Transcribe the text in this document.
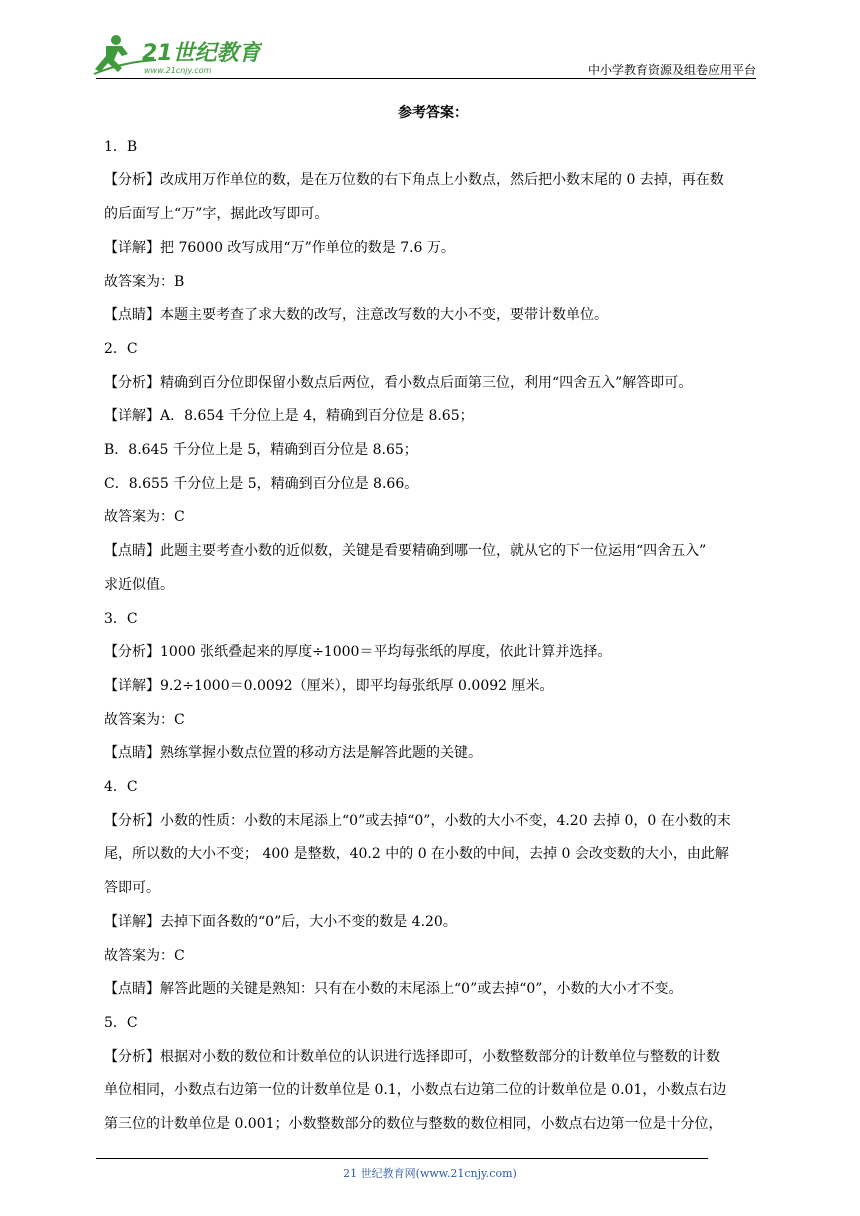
21世纪教育
www.21cnjy.com	中小学教育资源及组卷应用平台
参考答案：
1．B
【分析】改成用万作单位的数，是在万位数的右下角点上小数点，然后把小数末尾的 0 去掉，再在数
的后面写上“万”字，据此改写即可。
【详解】把 76000 改写成用“万”作单位的数是 7.6 万。
故答案为：B
【点睛】本题主要考查了求大数的改写，注意改写数的大小不变，要带计数单位。
2．C
【分析】精确到百分位即保留小数点后两位，看小数点后面第三位，利用“四舍五入”解答即可。
【详解】A．8.654 千分位上是 4，精确到百分位是 8.65；
B．8.645 千分位上是 5，精确到百分位是 8.65；
C．8.655 千分位上是 5，精确到百分位是 8.66。
故答案为：C
【点睛】此题主要考查小数的近似数，关键是看要精确到哪一位，就从它的下一位运用“四舍五入”
求近似值。
3．C
【分析】1000 张纸叠起来的厚度÷1000＝平均每张纸的厚度，依此计算并选择。
【详解】9.2÷1000＝0.0092（厘米），即平均每张纸厚 0.0092 厘米。
故答案为：C
【点睛】熟练掌握小数点位置的移动方法是解答此题的关键。
4．C
【分析】小数的性质：小数的末尾添上“0”或去掉“0”，小数的大小不变，4.20 去掉 0，0 在小数的末
尾，所以数的大小不变； 400 是整数，40.2 中的 0 在小数的中间，去掉 0 会改变数的大小，由此解
答即可。
【详解】去掉下面各数的“0”后，大小不变的数是 4.20。
故答案为：C
【点睛】解答此题的关键是熟知：只有在小数的末尾添上“0”或去掉“0”，小数的大小才不变。
5．C
【分析】根据对小数的数位和计数单位的认识进行选择即可，小数整数部分的计数单位与整数的计数
单位相同，小数点右边第一位的计数单位是 0.1，小数点右边第二位的计数单位是 0.01，小数点右边
第三位的计数单位是 0.001；小数整数部分的数位与整数的数位相同，小数点右边第一位是十分位，
21 世纪教育网(www.21cnjy.com)
